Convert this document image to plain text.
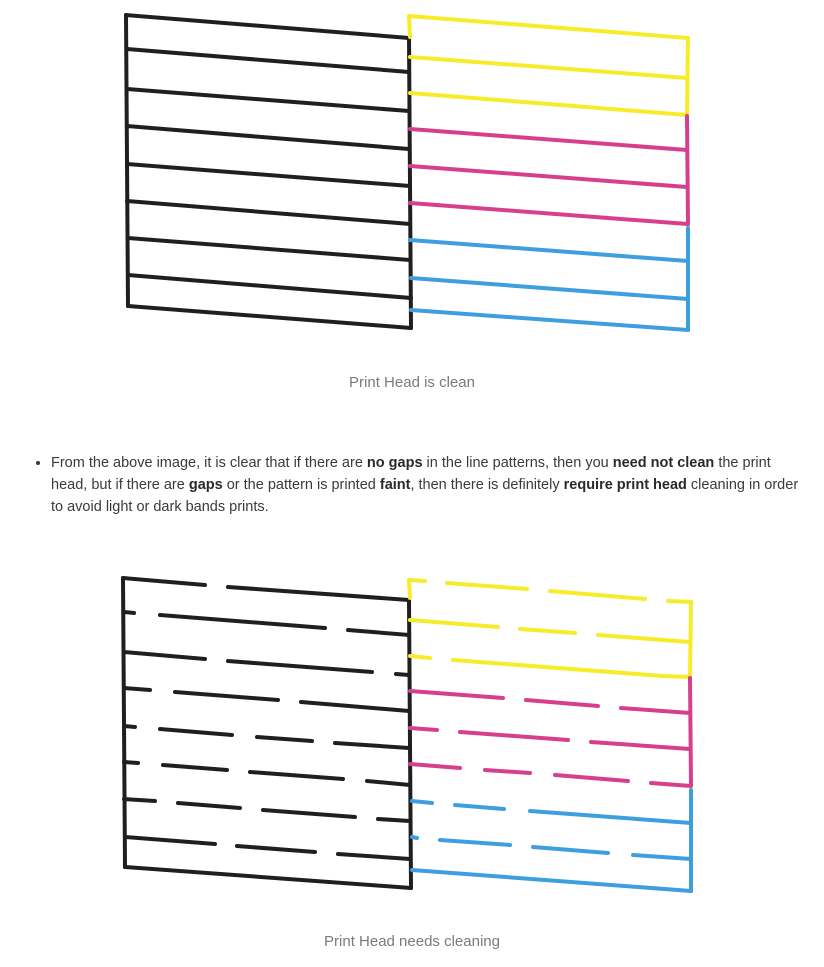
Print Head is clean
• From the above image, it is clear that if there are no gaps in the line patterns, then you need not clean the print head, but if there are gaps or the pattern is printed faint, then there is definitely require print head cleaning in order to avoid light or dark bands prints.
Print Head needs cleaning
